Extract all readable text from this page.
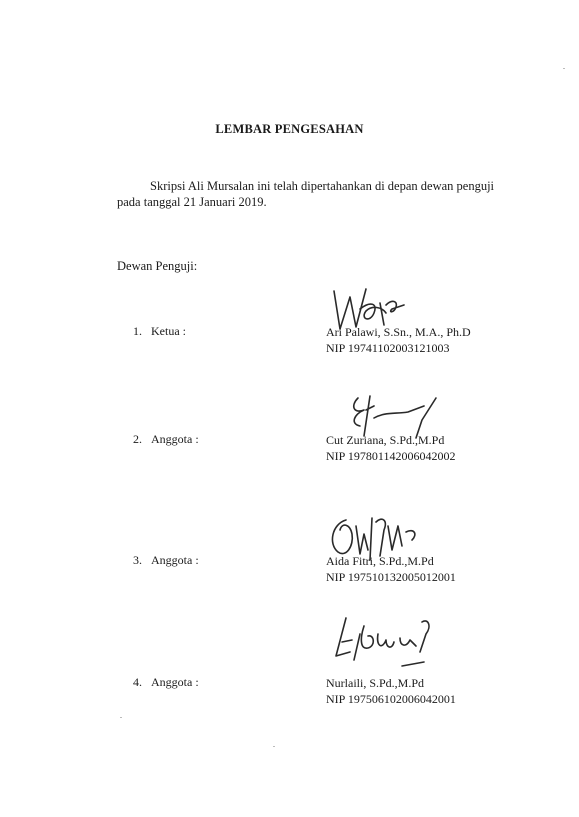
LEMBAR PENGESAHAN
Skripsi Ali Mursalan ini telah dipertahankan di depan dewan penguji pada tanggal 21 Januari 2019.
Dewan Penguji:
1. Ketua :	Ari Palawi, S.Sn., M.A., Ph.D
NIP 19741102003121003
2. Anggota :	Cut Zuriana, S.Pd.,M.Pd
NIP 197801142006042002
3. Anggota :	Aida Fitri, S.Pd.,M.Pd
NIP 197510132005012001
4. Anggota :	Nurlaili, S.Pd.,M.Pd
NIP 197506102006042001
